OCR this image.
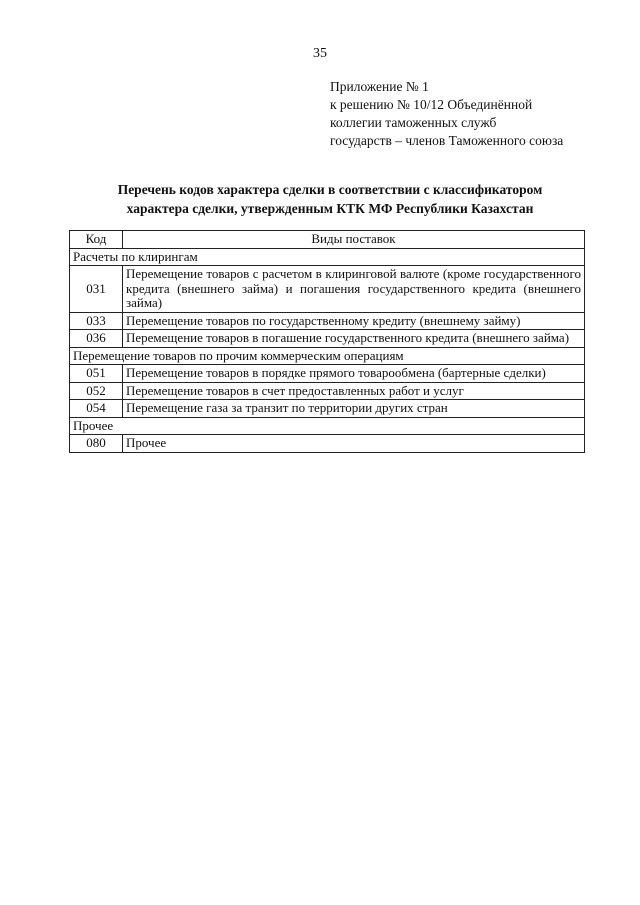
35
Приложение № 1
к решению № 10/12 Объединённой
коллегии таможенных служб
государств – членов Таможенного союза
Перечень кодов характера сделки в соответствии с классификатором
характера сделки, утвержденным КТК МФ Республики Казахстан
Код	Виды поставок
Расчеты по клирингам	
031	Перемещение товаров с расчетом в клиринговой валюте (кроме государственного кредита (внешнего займа) и погашения государственного кредита (внешнего займа)
033	Перемещение товаров по государственному кредиту (внешнему займу)
036	Перемещение товаров в погашение государственного кредита (внешнего займа)
Перемещение товаров по прочим коммерческим операциям	
051	Перемещение товаров в порядке прямого товарообмена (бартерные сделки)
052	Перемещение товаров в счет предоставленных работ и услуг
054	Перемещение газа за транзит по территории других стран
Прочее	
080	Прочее
